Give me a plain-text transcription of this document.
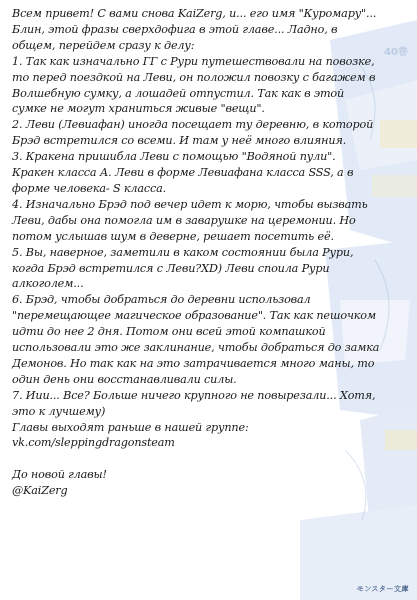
40巻

Всем привет! С вами снова KaiZerg, и... его имя "Куромару"...
Блин, этой фразы сверхдофига в этой главе... Ладно, в
общем, перейдем сразу к делу:

1. Так как изначально ГГ с Рури путешествовали на повозке,
то перед поездкой на Леви, он положил повозку с багажем в
Волшебную сумку, а лошадей отпустил. Так как в этой
сумке не могут храниться живые "вещи".

2. Леви (Левиафан) иногда посещает ту деревню, в которой
Брэд встретился со всеми. И там у неё много влияния.

3. Кракена пришибла Леви с помощью "Водяной пули".
Кракен класса А. Леви в форме Левиафана класса SSS, а в
форме человека- S класса.

4. Изначально Брэд под вечер идет к морю, чтобы вызвать
Леви, дабы она помогла им в заварушке на церемонии. Но
потом услышав шум в деверне, решает посетить её.

5. Вы, наверное, заметили в каком состоянии была Рури,
когда Брэд встретился с Леви?XD) Леви споила Рури
алкоголем...

6. Брэд, чтобы добраться до деревни использовал
"перемещающее магическое образование". Так как пешочком
идти до нее 2 дня. Потом они всей этой компашкой
использовали это же заклинание, чтобы добраться до замка
Демонов. Но так как на это затрачивается много маны, то
один день они восстанавливали силы.

7. Иии... Все? Больше ничего крупного не повырезали... Хотя,
это к лучшему)

Главы выходят раньше в нашей группе:
vk.com/sleppingdragonsteam

До новой главы!
@KaiZerg

モンスター文庫
